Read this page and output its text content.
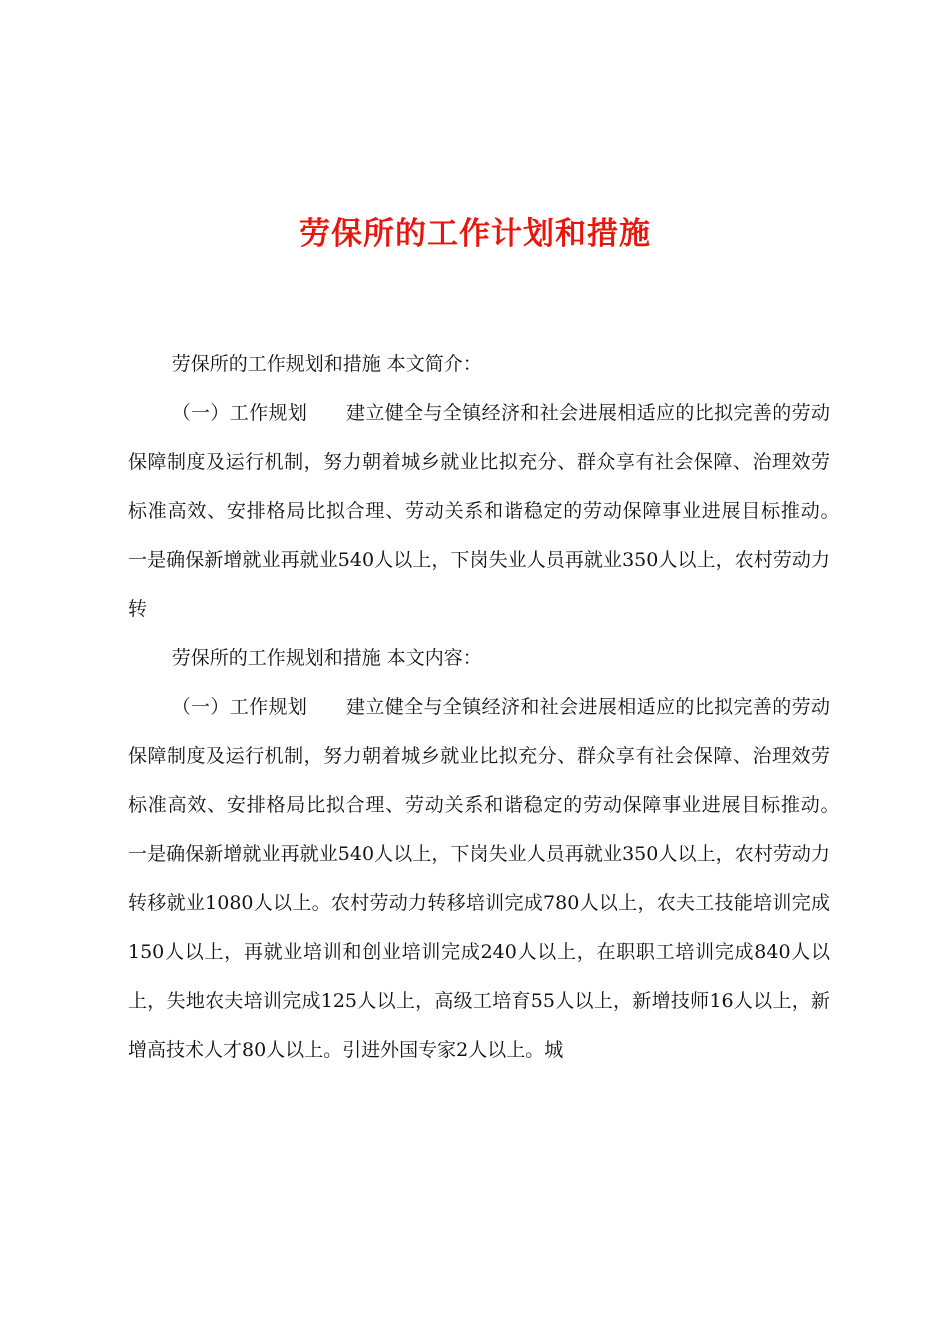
劳保所的工作计划和措施

劳保所的工作规划和措施 本文简介：

（一）工作规划　　建立健全与全镇经济和社会进展相适应的比拟完善的劳动保障制度及运行机制，努力朝着城乡就业比拟充分、群众享有社会保障、治理效劳标准高效、安排格局比拟合理、劳动关系和谐稳定的劳动保障事业进展目标推动。　　一是确保新增就业再就业540人以上，下岗失业人员再就业350人以上，农村劳动力转

劳保所的工作规划和措施 本文内容：

（一）工作规划　　建立健全与全镇经济和社会进展相适应的比拟完善的劳动保障制度及运行机制，努力朝着城乡就业比拟充分、群众享有社会保障、治理效劳标准高效、安排格局比拟合理、劳动关系和谐稳定的劳动保障事业进展目标推动。　　一是确保新增就业再就业540人以上，下岗失业人员再就业350人以上，农村劳动力转移就业1080人以上。农村劳动力转移培训完成780人以上，农夫工技能培训完成150人以上，再就业培训和创业培训完成240人以上，在职职工培训完成840人以上，失地农夫培训完成125人以上，高级工培育55人以上，新增技师16人以上，新增高技术人才80人以上。引进外国专家2人以上。城
